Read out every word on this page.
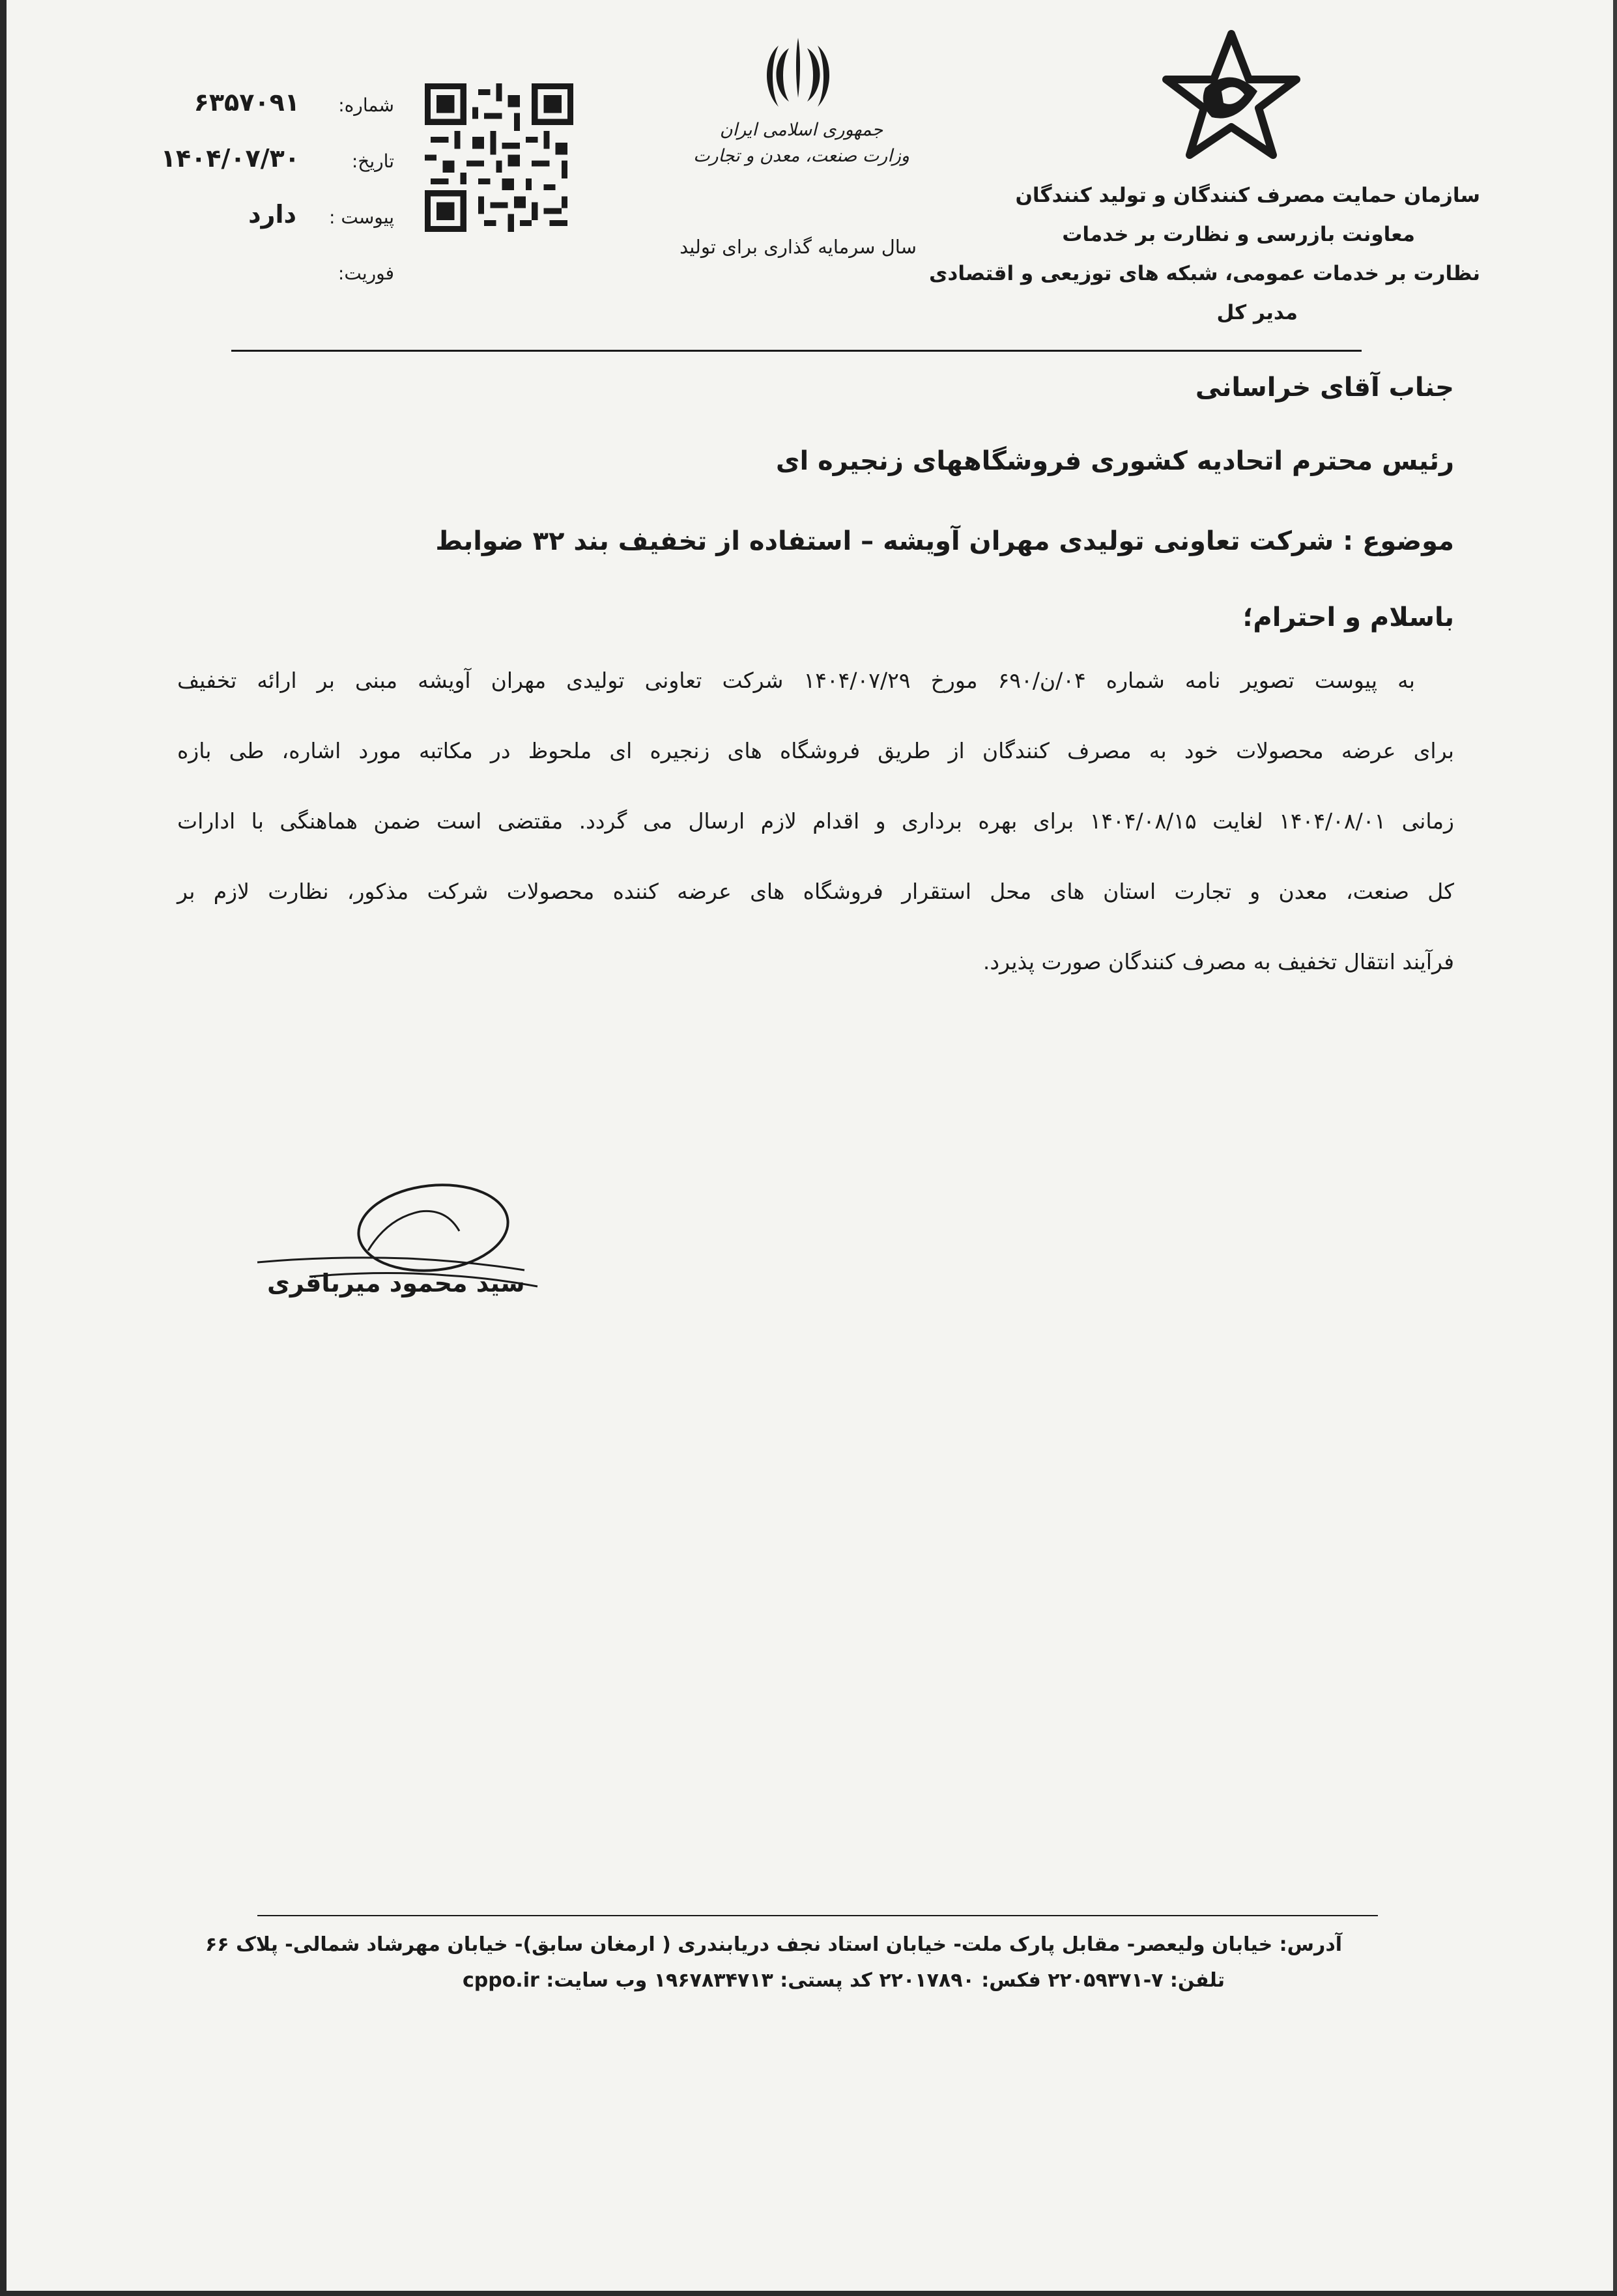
سازمان حمایت مصرف کنندگان و تولید کنندگان
معاونت بازرسی و نظارت بر خدمات
نظارت بر خدمات عمومی، شبکه های توزیعی و اقتصادی
مدیر کل
جمهوری اسلامی ایران
وزارت صنعت، معدن و تجارت
سال سرمایه گذاری برای تولید
شماره:
۶۳۵۷۰۹۱
تاریخ:
۱۴۰۴/۰۷/۳۰
پیوست :
دارد
فوریت:
جناب آقای خراسانی
رئیس محترم اتحادیه کشوری فروشگاههای زنجیره ای
موضوع : شرکت تعاونی تولیدی مهران آویشه – استفاده از تخفیف بند ۳۲ ضوابط
باسلام و احترام؛
به پیوست تصویر نامه شماره ۰۴/ن/۶۹۰ مورخ ۱۴۰۴/۰۷/۲۹ شرکت تعاونی تولیدی مهران آویشه مبنی بر ارائه تخفیف
برای عرضه محصولات خود به مصرف کنندگان از طریق فروشگاه های زنجیره ای ملحوظ در مکاتبه مورد اشاره، طی بازه
زمانی ۱۴۰۴/۰۸/۰۱ لغایت ۱۴۰۴/۰۸/۱۵ برای بهره برداری و اقدام لازم ارسال می گردد. مقتضی است ضمن هماهنگی با ادارات
کل صنعت، معدن و تجارت استان های محل استقرار فروشگاه های عرضه کننده محصولات شرکت مذکور، نظارت لازم بر
فرآیند انتقال تخفیف به مصرف کنندگان صورت پذیرد.
سید محمود میرباقری
آدرس: خیابان ولیعصر- مقابل پارک ملت- خیابان استاد نجف دریابندری ( ارمغان سابق)- خیابان مهرشاد شمالی- پلاک ۶۶
تلفن: ۷-۲۲۰۵۹۳۷۱ فکس: ۲۲۰۱۷۸۹۰ کد پستی: ۱۹۶۷۸۳۴۷۱۳ وب سایت: cppo.ir
